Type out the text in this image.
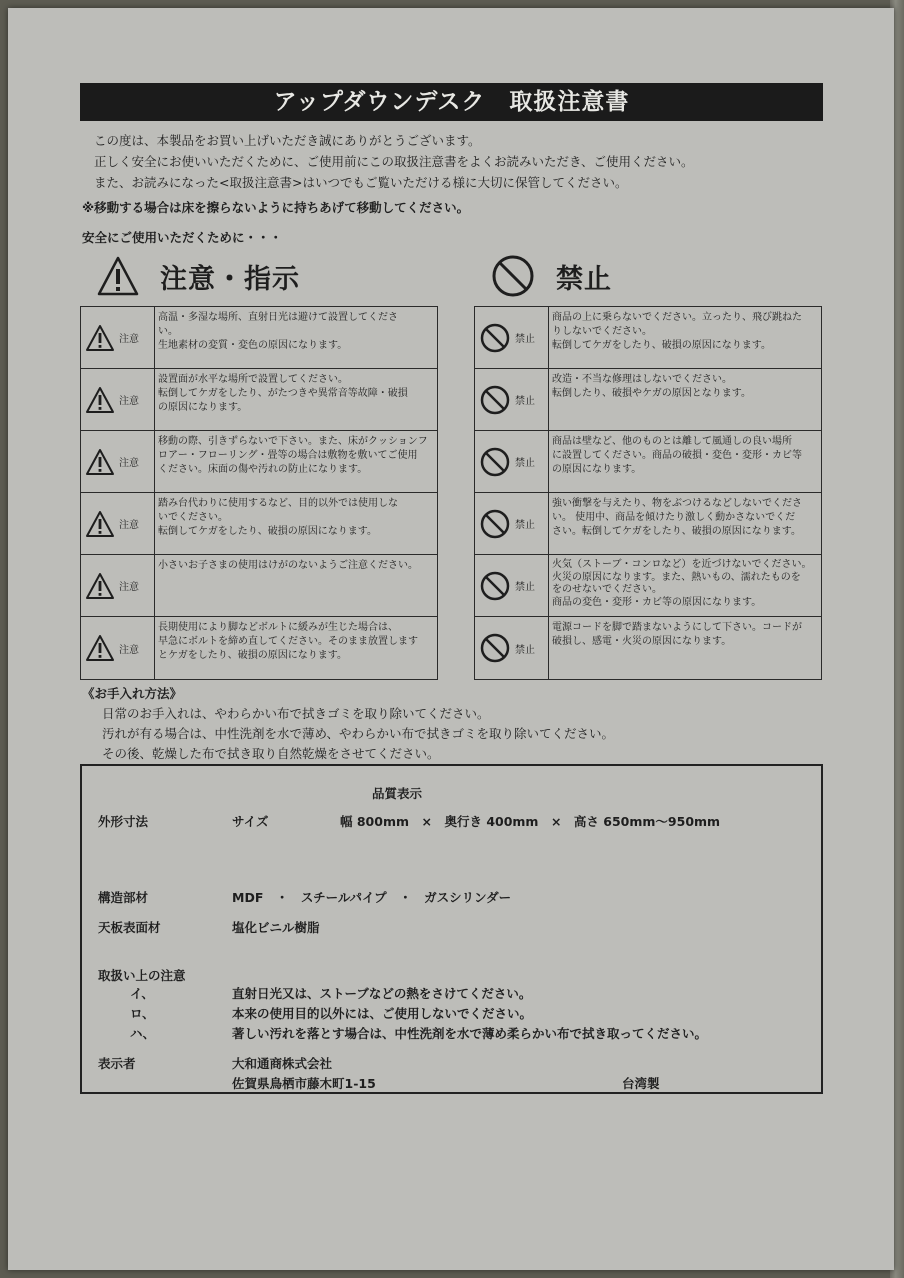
アップダウンデスク　取扱注意書
この度は、本製品をお買い上げいただき誠にありがとうございます。
正しく安全にお使いいただくために、ご使用前にこの取扱注意書をよくお読みいただき、ご使用ください。
また、お読みになった<取扱注意書>はいつでもご覧いただける様に大切に保管してください。
※移動する場合は床を擦らないように持ちあげて移動してください。
安全にご使用いただくために・・・
注意・指示	禁止
注意
高温・多湿な場所、直射日光は避けて設置してくださ
い。
生地素材の変質・変色の原因になります。
注意
設置面が水平な場所で設置してください。
転倒してケガをしたり、がたつきや異常音等故障・破損
の原因になります。
注意
移動の際、引きずらないで下さい。また、床がクッションフ
ロアー・フローリング・畳等の場合は敷物を敷いてご使用
ください。床面の傷や汚れの防止になります。
注意
踏み台代わりに使用するなど、目的以外では使用しな
いでください。
転倒してケガをしたり、破損の原因になります。
注意
小さいお子さまの使用はけがのないようご注意ください。
注意
長期使用により脚などボルトに緩みが生じた場合は、
早急にボルトを締め直してください。そのまま放置します
とケガをしたり、破損の原因になります。
禁止
商品の上に乗らないでください。立ったり、飛び跳ねた
りしないでください。
転倒してケガをしたり、破損の原因になります。
禁止
改造・不当な修理はしないでください。
転倒したり、破損やケガの原因となります。
禁止
商品は壁など、他のものとは離して風通しの良い場所
に設置してください。商品の破損・変色・変形・カビ等
の原因になります。
禁止
強い衝撃を与えたり、物をぶつけるなどしないでくださ
い。 使用中、商品を傾けたり激しく動かさないでくだ
さい。転倒してケガをしたり、破損の原因になります。
禁止
火気（ストーブ・コンロなど）を近づけないでください。
火災の原因になります。また、熱いもの、濡れたものを
をのせないでください。
商品の変色・変形・カビ等の原因になります。
禁止
電源コードを脚で踏まないようにして下さい。コードが
破損し、感電・火災の原因になります。
《お手入れ方法》
日常のお手入れは、やわらかい布で拭きゴミを取り除いてください。
汚れが有る場合は、中性洗剤を水で薄め、やわらかい布で拭きゴミを取り除いてください。
その後、乾燥した布で拭き取り自然乾燥をさせてください。
品質表示
外形寸法	サイズ	幅 800mm　×　奥行き 400mm　×　高さ 650mm～950mm
構造部材	MDF　・　スチールパイプ　・　ガスシリンダー
天板表面材	塩化ビニル樹脂
取扱い上の注意
イ、	直射日光又は、ストーブなどの熱をさけてください。
ロ、	本来の使用目的以外には、ご使用しないでください。
ハ、	著しい汚れを落とす場合は、中性洗剤を水で薄め柔らかい布で拭き取ってください。
表示者	大和通商株式会社
佐賀県鳥栖市藤木町1-15	台湾製
